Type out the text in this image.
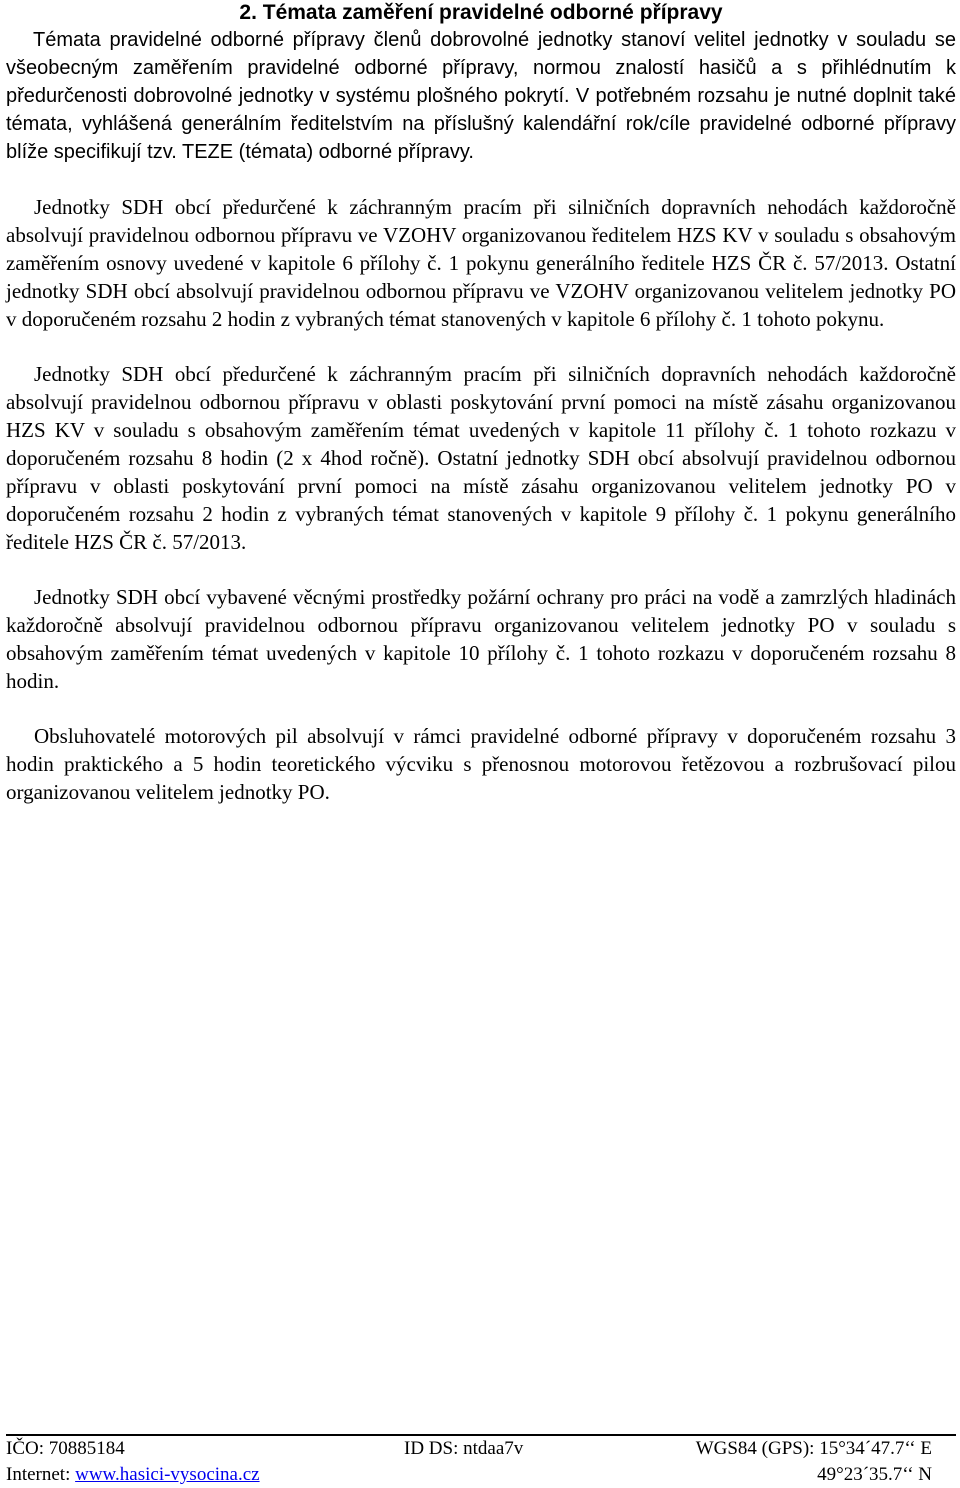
2. Témata zaměření pravidelné odborné přípravy

Témata pravidelné odborné přípravy členů dobrovolné jednotky stanoví velitel jednotky v souladu se všeobecným zaměřením pravidelné odborné přípravy, normou znalostí hasičů a s přihlédnutím k předurčenosti dobrovolné jednotky v systému plošného pokrytí. V potřebném rozsahu je nutné doplnit také témata, vyhlášená generálním ředitelstvím na příslušný kalendářní rok/cíle pravidelné odborné přípravy blíže specifikují tzv. TEZE (témata) odborné přípravy.

Jednotky SDH obcí předurčené k záchranným pracím při silničních dopravních nehodách každoročně absolvují pravidelnou odbornou přípravu ve VZOHV organizovanou ředitelem HZS KV v souladu s obsahovým zaměřením osnovy uvedené v kapitole 6 přílohy č. 1 pokynu generálního ředitele HZS ČR č. 57/2013. Ostatní jednotky SDH obcí absolvují pravidelnou odbornou přípravu ve VZOHV organizovanou velitelem jednotky PO v doporučeném rozsahu 2 hodin z vybraných témat stanovených v kapitole 6 přílohy č. 1 tohoto pokynu.

Jednotky SDH obcí předurčené k záchranným pracím při silničních dopravních nehodách každoročně absolvují pravidelnou odbornou přípravu v oblasti poskytování první pomoci na místě zásahu organizovanou HZS KV v souladu s obsahovým zaměřením témat uvedených v kapitole 11 přílohy č. 1 tohoto rozkazu v doporučeném rozsahu 8 hodin (2 x 4hod ročně). Ostatní jednotky SDH obcí absolvují pravidelnou odbornou přípravu v oblasti poskytování první pomoci na místě zásahu organizovanou velitelem jednotky PO v doporučeném rozsahu 2 hodin z vybraných témat stanovených v kapitole 9 přílohy č. 1 pokynu generálního ředitele HZS ČR č. 57/2013.

Jednotky SDH obcí vybavené věcnými prostředky požární ochrany pro práci na vodě a zamrzlých hladinách každoročně absolvují pravidelnou odbornou přípravu organizovanou velitelem jednotky PO v souladu s obsahovým zaměřením témat uvedených v kapitole 10 přílohy č. 1 tohoto rozkazu v doporučeném rozsahu 8 hodin.

Obsluhovatelé motorových pil absolvují v rámci pravidelné odborné přípravy v doporučeném rozsahu 3 hodin praktického a 5 hodin teoretického výcviku s přenosnou motorovou řetězovou a rozbrušovací pilou organizovanou velitelem jednotky PO.

IČO: 70885184	ID DS: ntdaa7v	WGS84 (GPS): 15°34´47.7‘‘ E
Internet: www.hasici-vysocina.cz	49°23´35.7‘‘ N
